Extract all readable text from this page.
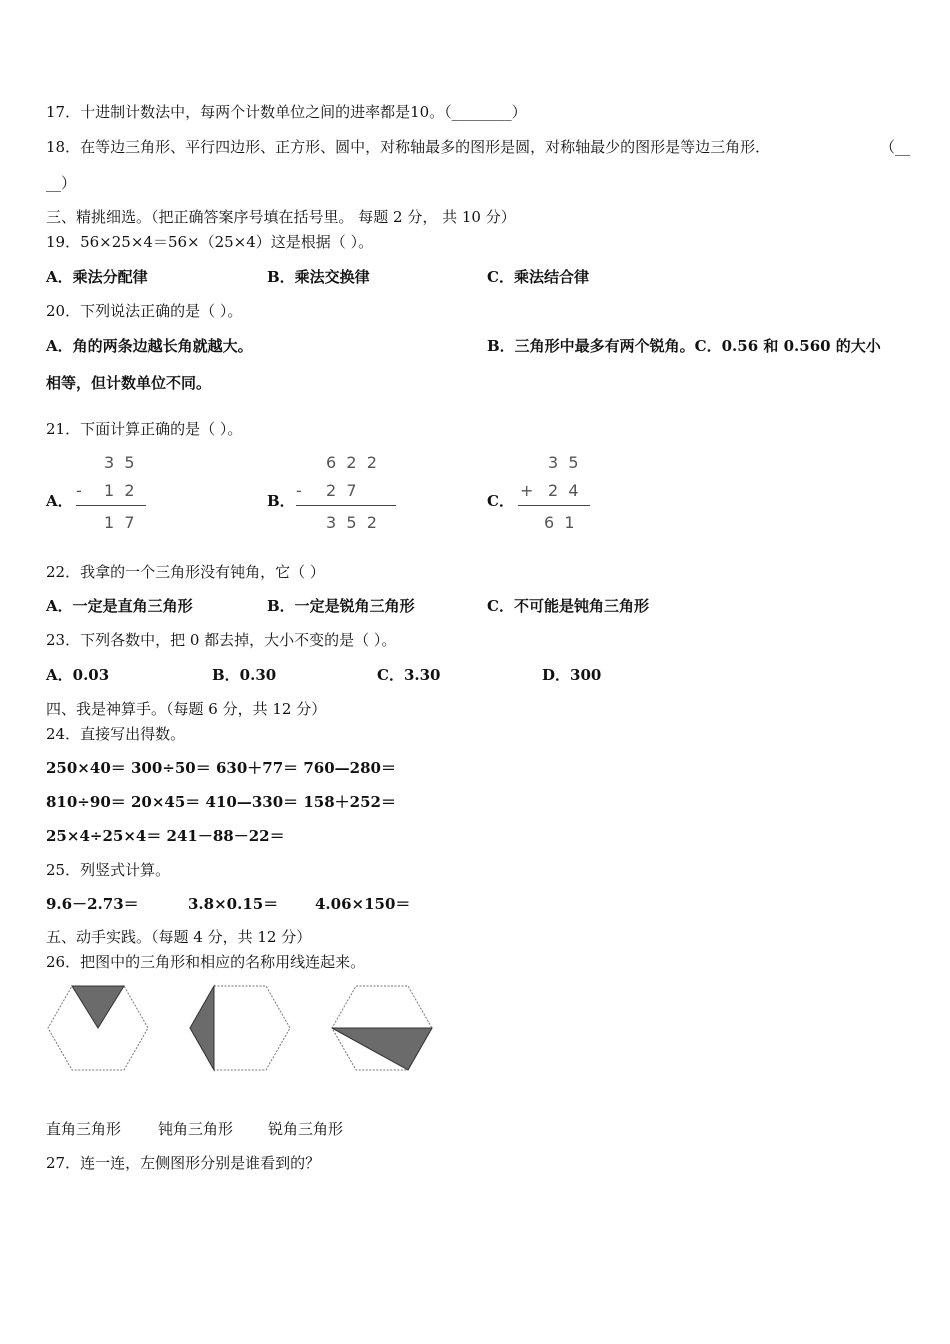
17．十进制计数法中，每两个计数单位之间的进率都是10。（________）
18．在等边三角形、平行四边形、正方形、圆中，对称轴最多的图形是圆，对称轴最少的图形是等边三角形．	（__
__）
三、精挑细选。（把正确答案序号填在括号里。 每题 2 分， 共 10 分）
19．56×25×4＝56×（25×4）这是根据（ ）。
A．乘法分配律	B．乘法交换律	C．乘法结合律
20．下列说法正确的是（ ）。
A．角的两条边越长角就越大。	B．三角形中最多有两个锐角。C．0.56 和 0.560 的大小
相等，但计数单位不同。
21．下面计算正确的是（ ）。
A．
3  5
- 1  2
1  7
B．
6  2  2
- 2  7
3  5  2
C．
3  5
+ 2  4
6  1
22．我拿的一个三角形没有钝角，它（ ）
A．一定是直角三角形	B．一定是锐角三角形	C．不可能是钝角三角形
23．下列各数中，把 0 都去掉，大小不变的是（ ）。
A．0.03	B．0.30	C．3.30	D．300
四、我是神算手。（每题 6 分，共 12 分）
24．直接写出得数。
250×40＝ 300÷50＝ 630＋77＝ 760—280＝
810÷90＝ 20×45＝ 410—330＝ 158＋252＝
25×4÷25×4＝ 241－88－22＝
25．列竖式计算。
9.6－2.73＝	3.8×0.15＝ 4.06×150＝
五、动手实践。（每题 4 分，共 12 分）
26．把图中的三角形和相应的名称用线连起来。
直角三角形 钝角三角形 锐角三角形
27．连一连，左侧图形分别是谁看到的？
